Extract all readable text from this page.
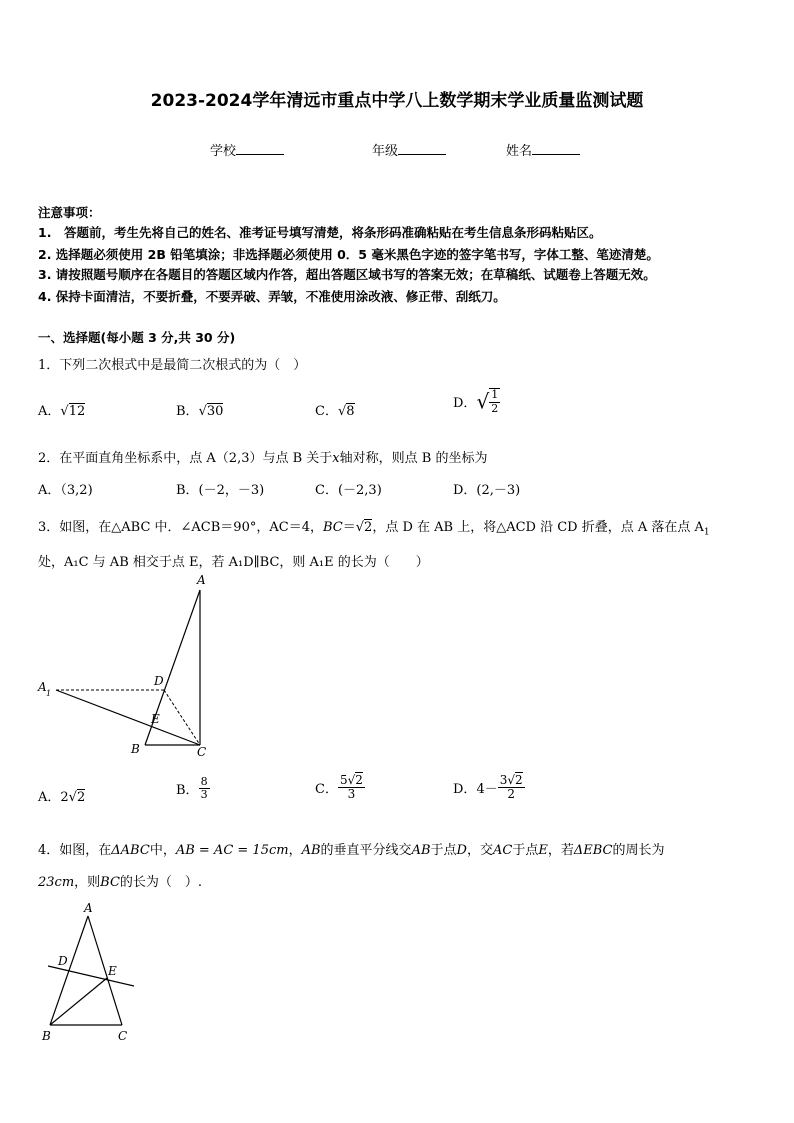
2023-2024学年清远市重点中学八上数学期末学业质量监测试题
学校	年级	姓名
注意事项：
1.　答题前，考生先将自己的姓名、准考证号填写清楚，将条形码准确粘贴在考生信息条形码粘贴区。
2. 选择题必须使用 2B 铅笔填涂；非选择题必须使用 0．5 毫米黑色字迹的签字笔书写，字体工整、笔迹清楚。
3. 请按照题号顺序在各题目的答题区域内作答，超出答题区域书写的答案无效；在草稿纸、试题卷上答题无效。
4. 保持卡面清洁，不要折叠，不要弄破、弄皱，不准使用涂改液、修正带、刮纸刀。
一、选择题(每小题 3 分,共 30 分)
1．下列二次根式中是最简二次根式的为（　）
A．√12	B．√30	C．√8
D．√ $\frac{1}{2}$
2．在平面直角坐标系中，点 A（2,3）与点 B 关于x轴对称，则点 B 的坐标为
A．（3,2)	B．(－2，－3)	C．(－2,3)	D．(2,－3)
3．如图，在△ABC 中．∠ACB＝90°，AC＝4，BC＝√2，点 D 在 AB 上，将△ACD 沿 CD 折叠，点 A 落在点 $A_1$
处，A₁C 与 AB 相交于点 E，若 A₁D∥BC，则 A₁E 的长为（　　）
A
A 1
D
E
B	C
A．2√2	B． $\frac{8}{3}$	C． $\frac{5√2}{3}$	D．$4- \frac{3√2}{2}$
4．如图，在ΔABC中，AB = AC = 15cm，AB的垂直平分线交AB于点D，交AC于点E，若ΔEBC的周长为
23cm，则BC的长为（　）.
A
D
E
B	C
